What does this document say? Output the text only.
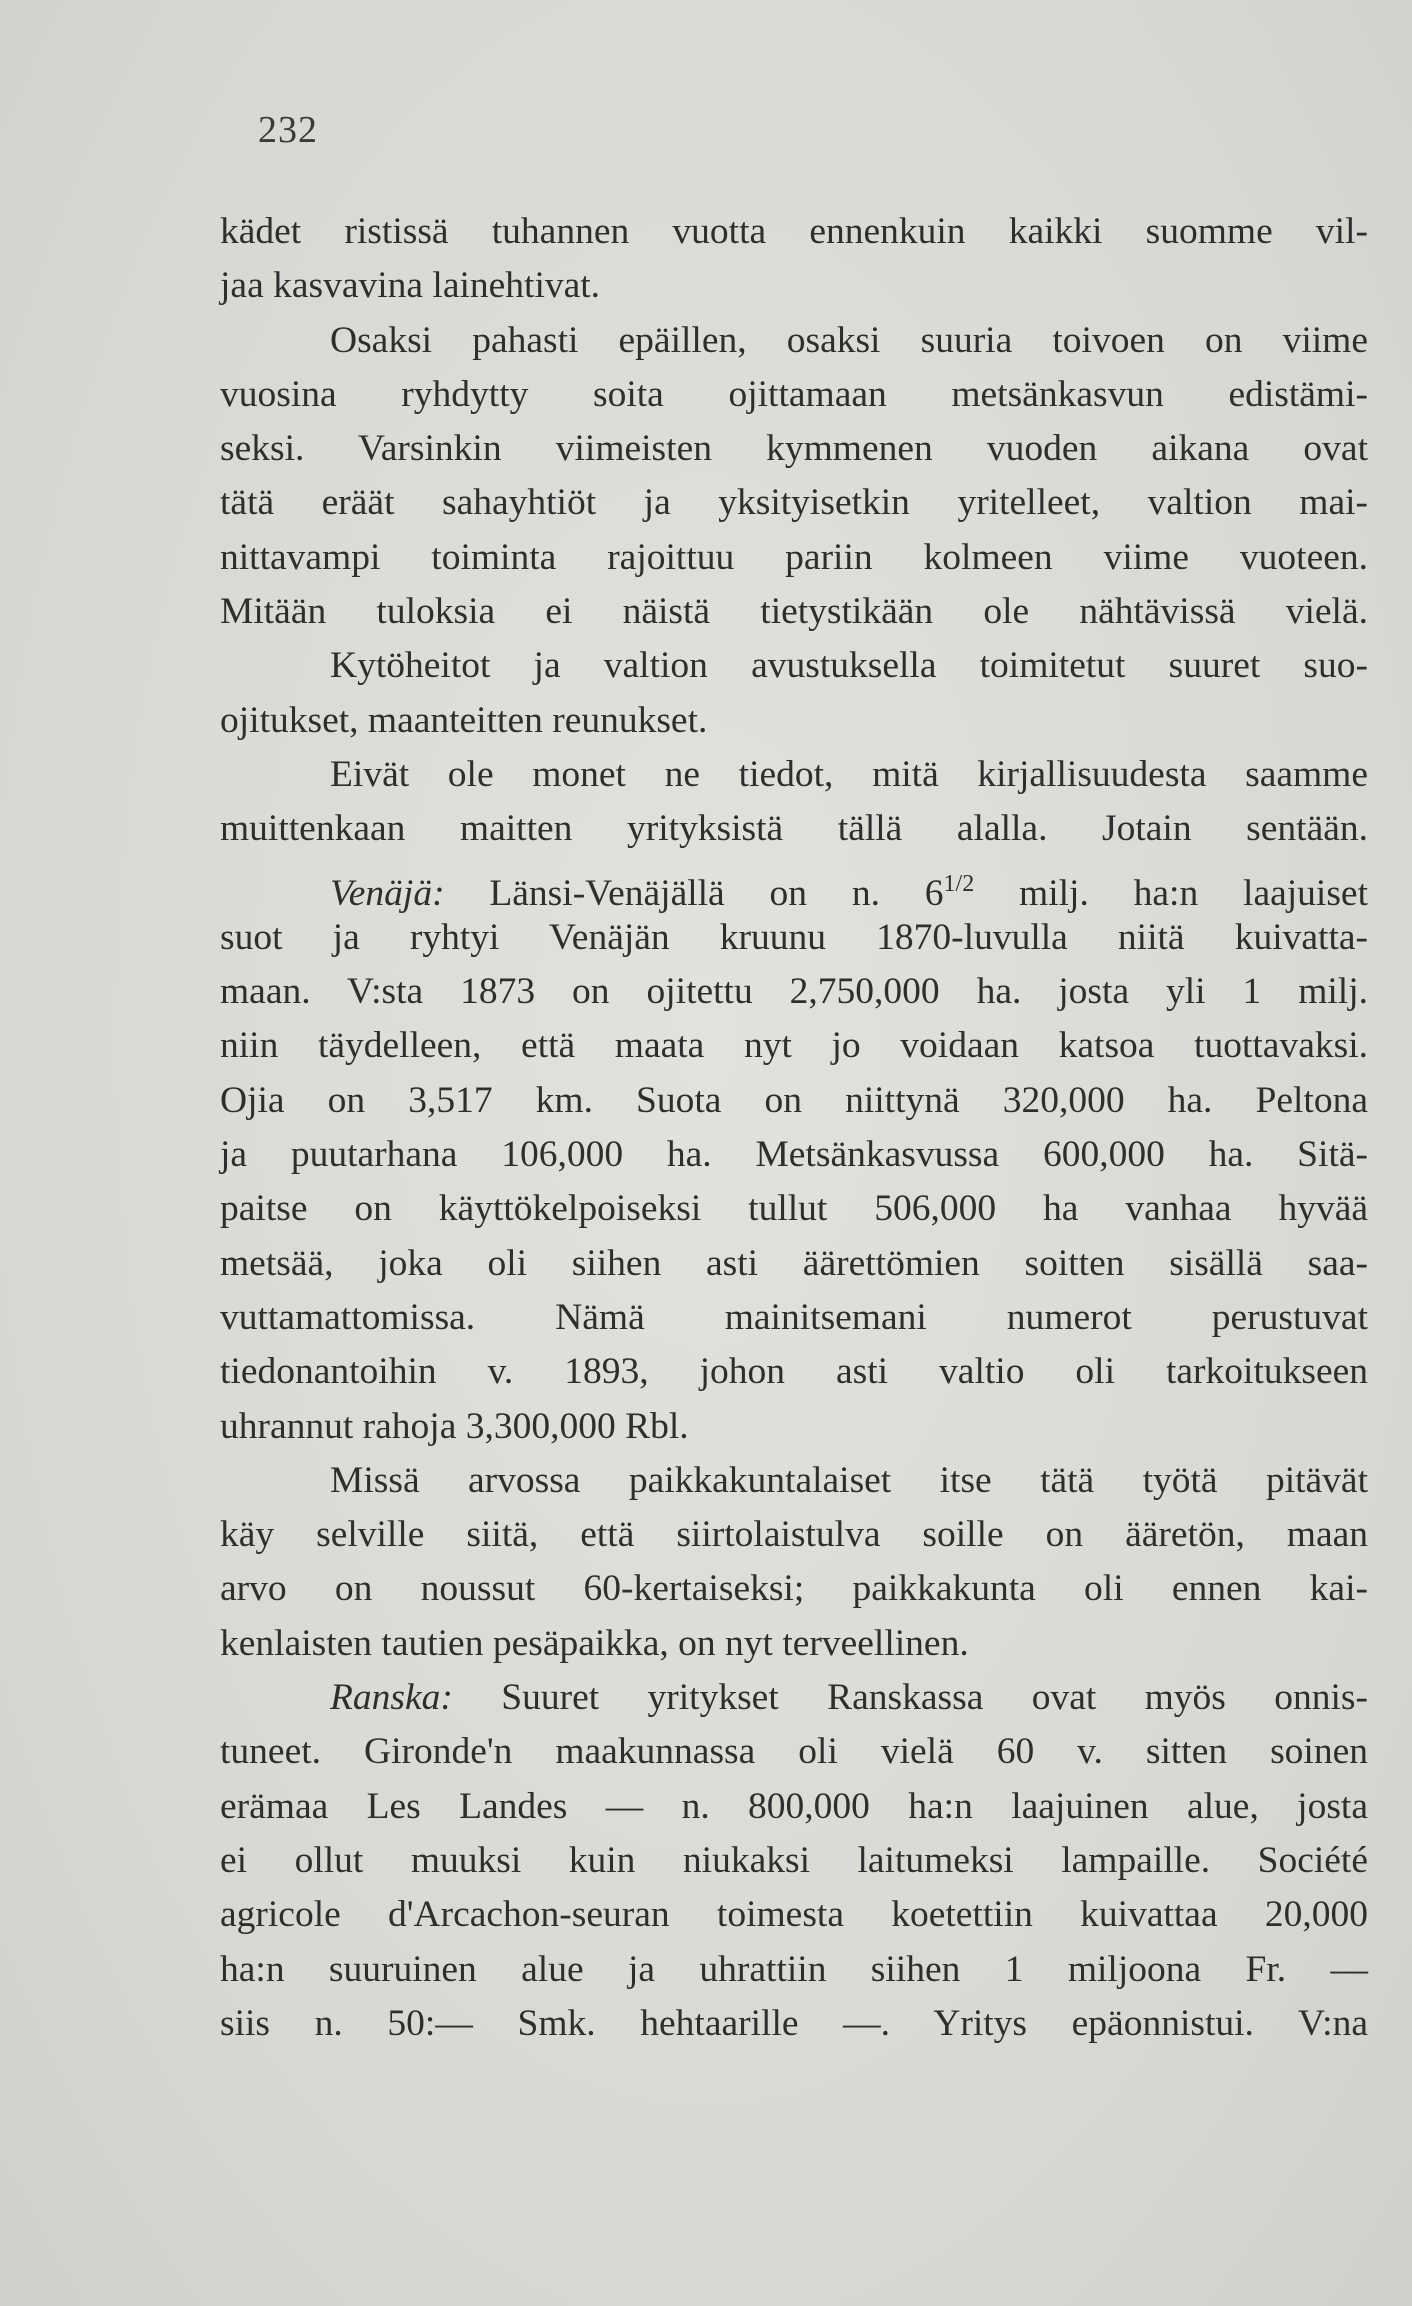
232
kädet ristissä tuhannen vuotta ennenkuin kaikki suomme vil-
jaa kasvavina lainehtivat.
Osaksi pahasti epäillen, osaksi suuria toivoen on viime
vuosina ryhdytty soita ojittamaan metsänkasvun edistämi-
seksi. Varsinkin viimeisten kymmenen vuoden aikana ovat
tätä eräät sahayhtiöt ja yksityisetkin yritelleet, valtion mai-
nittavampi toiminta rajoittuu pariin kolmeen viime vuoteen.
Mitään tuloksia ei näistä tietystikään ole nähtävissä vielä.
Kytöheitot ja valtion avustuksella toimitetut suuret suo-
ojitukset, maanteitten reunukset.
Eivät ole monet ne tiedot, mitä kirjallisuudesta saamme
muittenkaan maitten yrityksistä tällä alalla. Jotain sentään.
Venäjä: Länsi-Venäjällä on n. $6^{1/2}$ milj. ha:n laajuiset
suot ja ryhtyi Venäjän kruunu 1870-luvulla niitä kuivatta-
maan. V:sta 1873 on ojitettu 2,750,000 ha. josta yli 1 milj.
niin täydelleen, että maata nyt jo voidaan katsoa tuottavaksi.
Ojia on 3,517 km. Suota on niittynä 320,000 ha. Peltona
ja puutarhana 106,000 ha. Metsänkasvussa 600,000 ha. Sitä-
paitse on käyttökelpoiseksi tullut 506,000 ha vanhaa hyvää
metsää, joka oli siihen asti äärettömien soitten sisällä saa-
vuttamattomissa. Nämä mainitsemani numerot perustuvat
tiedonantoihin v. 1893, johon asti valtio oli tarkoitukseen
uhrannut rahoja 3,300,000 Rbl.
Missä arvossa paikkakuntalaiset itse tätä työtä pitävät
käy selville siitä, että siirtolaistulva soille on ääretön, maan
arvo on noussut 60-kertaiseksi; paikkakunta oli ennen kai-
kenlaisten tautien pesäpaikka, on nyt terveellinen.
Ranska: Suuret yritykset Ranskassa ovat myös onnis-
tuneet. Gironde'n maakunnassa oli vielä 60 v. sitten soinen
erämaa Les Landes — n. 800,000 ha:n laajuinen alue, josta
ei ollut muuksi kuin niukaksi laitumeksi lampaille. Société
agricole d'Arcachon-seuran toimesta koetettiin kuivattaa 20,000
ha:n suuruinen alue ja uhrattiin siihen 1 miljoona Fr. —
siis n. 50:— Smk. hehtaarille —. Yritys epäonnistui. V:na
